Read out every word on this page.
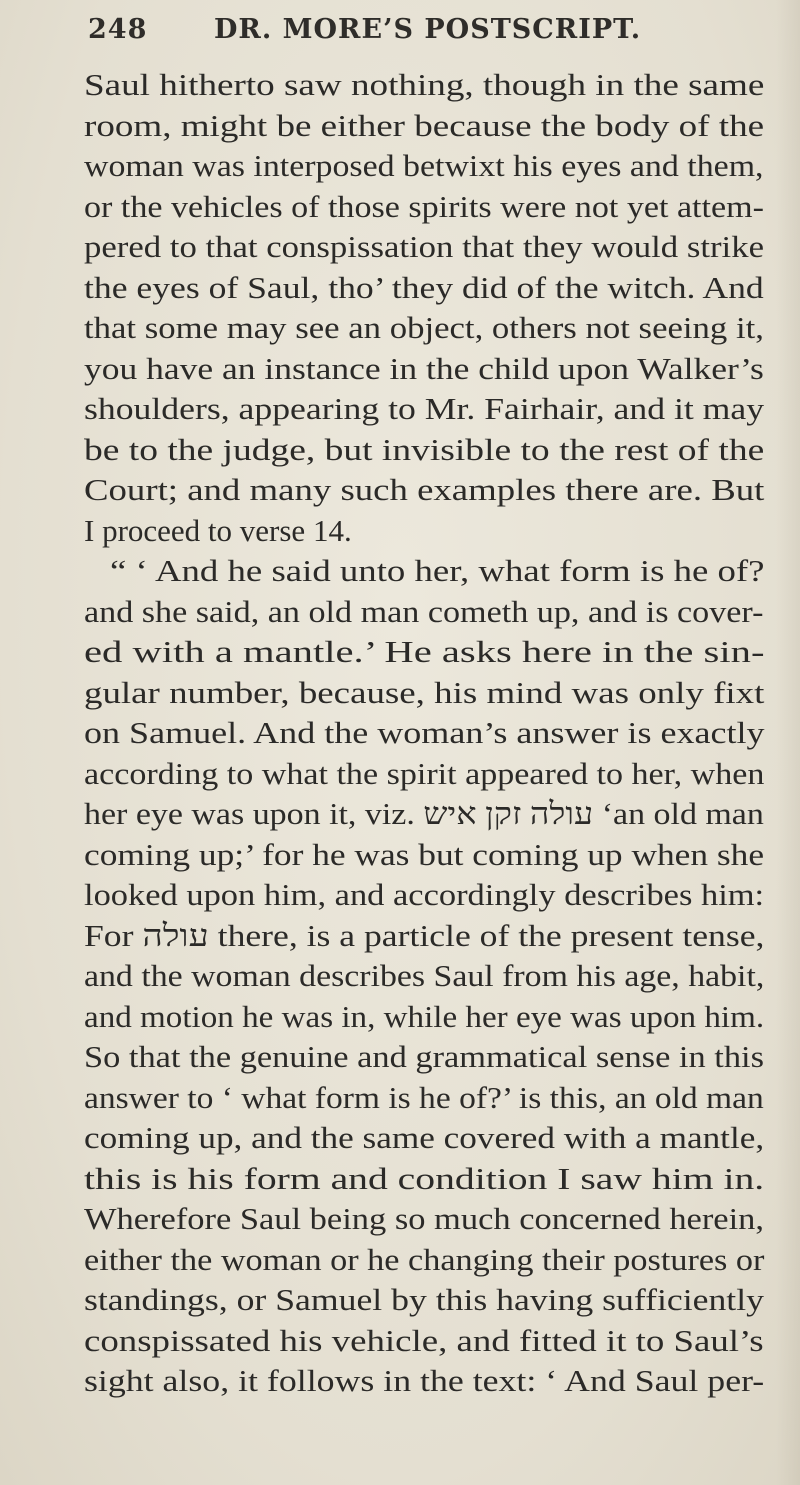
248 DR. MORE’S POSTSCRIPT.
Saul hitherto saw nothing, though in the same
room, might be either because the body of the
woman was interposed betwixt his eyes and them,
or the vehicles of those spirits were not yet attem-
pered to that conspissation that they would strike
the eyes of Saul, tho’ they did of the witch. And
that some may see an object, others not seeing it,
you have an instance in the child upon Walker’s
shoulders, appearing to Mr. Fairhair, and it may
be to the judge, but invisible to the rest of the
Court; and many such examples there are. But
I proceed to verse 14.
“ ‘ And he said unto her, what form is he of?
and she said, an old man cometh up, and is cover-
ed with a mantle.’ He asks here in the sin-
gular number, because, his mind was only fixt
on Samuel. And the woman’s answer is exactly
according to what the spirit appeared to her, when
her eye was upon it, viz. עולה זקן איש ‘an old man
coming up;’ for he was but coming up when she
looked upon him, and accordingly describes him:
For עולה there, is a particle of the present tense,
and the woman describes Saul from his age, habit,
and motion he was in, while her eye was upon him.
So that the genuine and grammatical sense in this
answer to ‘ what form is he of?’ is this, an old man
coming up, and the same covered with a mantle,
this is his form and condition I saw him in.
Wherefore Saul being so much concerned herein,
either the woman or he changing their postures or
standings, or Samuel by this having sufficiently
conspissated his vehicle, and fitted it to Saul’s
sight also, it follows in the text: ‘ And Saul per-
